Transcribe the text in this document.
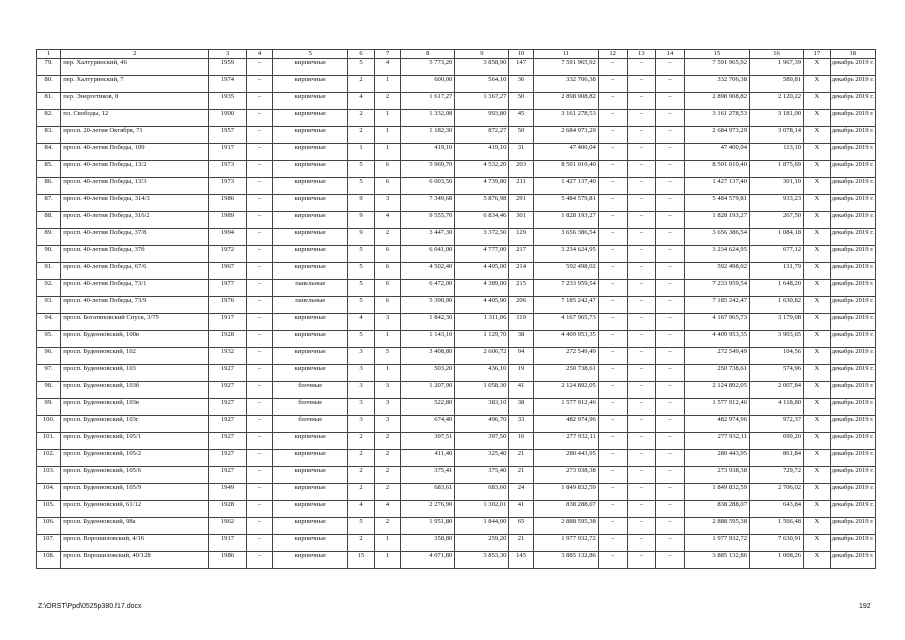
1	2	3	4	5	6	7	8	9	10	11	12	13	14	15	16	17	18
79.	пер. Халтуринский, 46	1959	–	кирпичные	5	4	5 773,20	3 858,90	147	7 591 965,92	–	–	–	7 591 965,92	1 967,39	Х	декабрь 2019 г.
80.	пер. Халтуринский, 7	1974	–	кирпичные	2	1	600,00	564,10	36	332 706,38	–	–	–	332 706,38	589,81	Х	декабрь 2019 г.
81.	пер. Энергетиков, 8	1935	–	кирпичные	4	2	1 617,27	1 367,27	50	2 898 908,82	–	–	–	2 898 908,82	2 120,22	Х	декабрь 2019 г.
82.	пл. Свободы, 12	1900	–	кирпичные	2	1	1 332,08	993,80	45	3 161 278,53	–	–	–	3 161 278,53	3 181,00	Х	декабрь 2019 г.
83.	просп. 20-летия Октября, 71	1957	–	кирпичные	2	1	1 182,30	872,27	50	2 684 973,29	–	–	–	2 684 973,29	3 078,14	Х	декабрь 2019 г.
84.	просп. 40-летия Победы, 109	1917	–	кирпичные	1	1	419,10	419,10	31	47 400,04	–	–	–	47 400,04	113,10	Х	декабрь 2019 г.
85.	просп. 40-летия Победы, 13/2	1973	–	кирпичные	5	6	5 969,70	4 532,20	203	8 501 010,40	–	–	–	8 501 010,40	1 875,69	Х	декабрь 2019 г.
86.	просп. 40-летия Победы, 13/3	1973	–	кирпичные	5	6	6 003,50	4 739,80	211	1 427 137,40	–	–	–	1 427 137,40	301,10	Х	декабрь 2019 г.
87.	просп. 40-летия Победы, 314/3	1986	–	кирпичные	9	3	7 349,68	5 876,98	291	5 484 579,81	–	–	–	5 484 579,81	933,23	Х	декабрь 2019 г.
88.	просп. 40-летия Победы, 316/2	1989	–	кирпичные	9	4	9 555,70	6 834,46	301	1 828 193,27	–	–	–	1 828 193,27	267,50	Х	декабрь 2019 г.
89.	просп. 40-летия Победы, 37/8	1994	–	кирпичные	9	2	3 447,30	3 372,50	129	3 656 386,54	–	–	–	3 656 386,54	1 084,18	Х	декабрь 2019 г.
90.	просп. 40-летия Победы, 37б	1972	–	кирпичные	5	6	6 041,00	4 777,00	217	3 234 624,95	–	–	–	3 234 624,95	677,12	Х	декабрь 2019 г.
91.	просп. 40-летия Победы, 67/6	1967	–	кирпичные	5	6	4 502,40	4 495,00	214	592 498,02	–	–	–	592 498,02	131,79	Х	декабрь 2019 г.
92.	просп. 40-летия Победы, 73/1	1977	–	панельные	5	6	6 472,00	4 389,00	215	7 233 959,54	–	–	–	7 233 959,54	1 648,20	Х	декабрь 2019 г.
93.	просп. 40-летия Победы, 73/9	1976	–	панельные	5	6	5 390,90	4 405,90	206	7 185 242,47	–	–	–	7 185 242,47	1 630,82	Х	декабрь 2019 г.
94.	просп. Богатяновский Спуск, 3/75	1917	–	кирпичные	4	3	1 842,30	1 311,06	119	4 167 965,73	–	–	–	4 167 965,73	3 179,08	Х	декабрь 2019 г.
95.	просп. Буденновский, 100в	1928	–	кирпичные	5	1	1 143,10	1 129,70	38	4 409 953,35	–	–	–	4 409 953,35	3 903,65	Х	декабрь 2019 г.
96.	просп. Буденновский, 102	1932	–	кирпичные	3	5	3 408,80	2 606,72	94	272 549,49	–	–	–	272 549,49	104,56	Х	декабрь 2019 г.
97.	просп. Буденновский, 103	1927	–	кирпичные	3	1	503,20	436,10	19	250 738,61	–	–	–	250 738,61	574,96	Х	декабрь 2019 г.
98.	просп. Буденновский, 103б	1927	–	блочные	3	3	1 207,90	1 058,30	41	2 124 892,05	–	–	–	2 124 892,05	2 007,84	Х	декабрь 2019 г.
99.	просп. Буденновский, 103в	1927	–	блочные	3	3	522,80	383,10	38	1 577 912,46	–	–	–	1 577 912,46	4 118,80	Х	декабрь 2019 г.
100.	просп. Буденновский, 103г	1927	–	блочные	3	3	674,40	496,70	33	482 974,96	–	–	–	482 974,96	972,37	Х	декабрь 2019 г.
101.	просп. Буденновский, 105/1	1927	–	кирпичные	2	2	397,51	397,50	16	277 932,11	–	–	–	277 932,11	699,20	Х	декабрь 2019 г.
102.	просп. Буденновский, 105/2	1927	–	кирпичные	2	2	411,40	325,40	21	280 443,95	–	–	–	280 443,95	861,84	Х	декабрь 2019 г.
103.	просп. Буденновский, 105/6	1927	–	кирпичные	2	2	375,41	375,40	21	273 938,38	–	–	–	273 938,38	729,72	Х	декабрь 2019 г.
104.	просп. Буденновский, 105/9	1949	–	кирпичные	2	2	683,61	683,60	24	1 849 832,59	–	–	–	1 849 832,59	2 706,02	Х	декабрь 2019 г.
105.	просп. Буденновский, 61/12	1928	–	кирпичные	4	4	2 276,90	1 302,01	41	838 288,07	–	–	–	838 288,07	643,84	Х	декабрь 2019 г.
106.	просп. Буденновский, 98а	1962	–	кирпичные	5	2	1 951,80	1 844,00	65	2 888 595,38	–	–	–	2 888 595,38	1 566,48	Х	декабрь 2019 г.
107.	просп. Ворошиловский, 4/16	1917	–	кирпичные	2	1	358,80	259,20	21	1 977 932,72	–	–	–	1 977 932,72	7 630,91	Х	декабрь 2019 г.
108.	просп. Ворошиловский, 40/128	1986	–	кирпичные	15	1	4 071,80	3 853,30	145	3 885 132,86	–	–	–	3 885 132,86	1 008,26	Х	декабрь 2019 г.
Z:\ORST\Ppd\0525p380.f17.docx	192
